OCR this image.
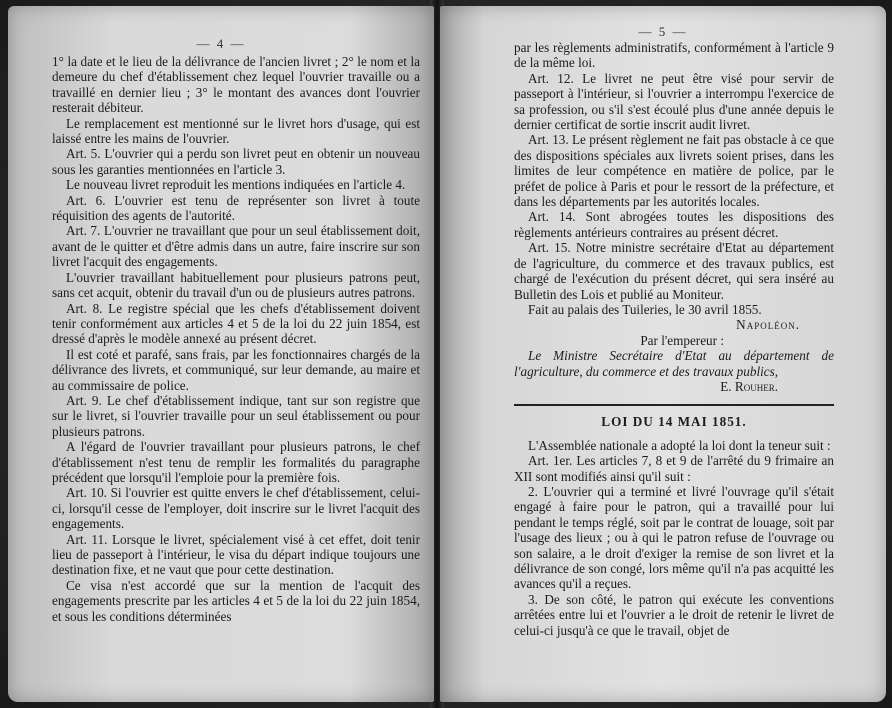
— 4 —

1° la date et le lieu de la délivrance de l'ancien livret ; 2° le nom et la demeure du chef d'établissement chez lequel l'ouvrier travaille ou a travaillé en dernier lieu ; 3° le montant des avances dont l'ouvrier resterait débiteur.

Le remplacement est mentionné sur le livret hors d'usage, qui est laissé entre les mains de l'ouvrier.

Art. 5. L'ouvrier qui a perdu son livret peut en obtenir un nouveau sous les garanties mentionnées en l'article 3.

Le nouveau livret reproduit les mentions indiquées en l'article 4.

Art. 6. L'ouvrier est tenu de représenter son livret à toute réquisition des agents de l'autorité.

Art. 7. L'ouvrier ne travaillant que pour un seul établissement doit, avant de le quitter et d'être admis dans un autre, faire inscrire sur son livret l'acquit des engagements.

L'ouvrier travaillant habituellement pour plusieurs patrons peut, sans cet acquit, obtenir du travail d'un ou de plusieurs autres patrons.

Art. 8. Le registre spécial que les chefs d'établissement doivent tenir conformément aux articles 4 et 5 de la loi du 22 juin 1854, est dressé d'après le modèle annexé au présent décret.

Il est coté et parafé, sans frais, par les fonctionnaires chargés de la délivrance des livrets, et communiqué, sur leur demande, au maire et au commissaire de police.

Art. 9. Le chef d'établissement indique, tant sur son registre que sur le livret, si l'ouvrier travaille pour un seul établissement ou pour plusieurs patrons.

A l'égard de l'ouvrier travaillant pour plusieurs patrons, le chef d'établissement n'est tenu de remplir les formalités du paragraphe précédent que lorsqu'il l'emploie pour la première fois.

Art. 10. Si l'ouvrier est quitte envers le chef d'établissement, celui-ci, lorsqu'il cesse de l'employer, doit inscrire sur le livret l'acquit des engagements.

Art. 11. Lorsque le livret, spécialement visé à cet effet, doit tenir lieu de passeport à l'intérieur, le visa du départ indique toujours une destination fixe, et ne vaut que pour cette destination.

Ce visa n'est accordé que sur la mention de l'acquit des engagements prescrite par les articles 4 et 5 de la loi du 22 juin 1854, et sous les conditions déterminées

— 5 —

par les règlements administratifs, conformément à l'article 9 de la même loi.

Art. 12. Le livret ne peut être visé pour servir de passeport à l'intérieur, si l'ouvrier a interrompu l'exercice de sa profession, ou s'il s'est écoulé plus d'une année depuis le dernier certificat de sortie inscrit audit livret.

Art. 13. Le présent règlement ne fait pas obstacle à ce que des dispositions spéciales aux livrets soient prises, dans les limites de leur compétence en matière de police, par le préfet de police à Paris et pour le ressort de la préfecture, et dans les départements par les autorités locales.

Art. 14. Sont abrogées toutes les dispositions des règlements antérieurs contraires au présent décret.

Art. 15. Notre ministre secrétaire d'Etat au département de l'agriculture, du commerce et des travaux publics, est chargé de l'exécution du présent décret, qui sera inséré au Bulletin des Lois et publié au Moniteur.

Fait au palais des Tuileries, le 30 avril 1855.

Napoléon.

Par l'empereur :

Le Ministre Secrétaire d'Etat au département de l'agriculture, du commerce et des travaux publics,

E. Rouher.

LOI DU 14 MAI 1851.

L'Assemblée nationale a adopté la loi dont la teneur suit :

Art. 1er. Les articles 7, 8 et 9 de l'arrêté du 9 frimaire an XII sont modifiés ainsi qu'il suit :

2. L'ouvrier qui a terminé et livré l'ouvrage qu'il s'était engagé à faire pour le patron, qui a travaillé pour lui pendant le temps réglé, soit par le contrat de louage, soit par l'usage des lieux ; ou à qui le patron refuse de l'ouvrage ou son salaire, a le droit d'exiger la remise de son livret et la délivrance de son congé, lors même qu'il n'a pas acquitté les avances qu'il a reçues.

3. De son côté, le patron qui exécute les conventions arrêtées entre lui et l'ouvrier a le droit de retenir le livret de celui-ci jusqu'à ce que le travail, objet de
